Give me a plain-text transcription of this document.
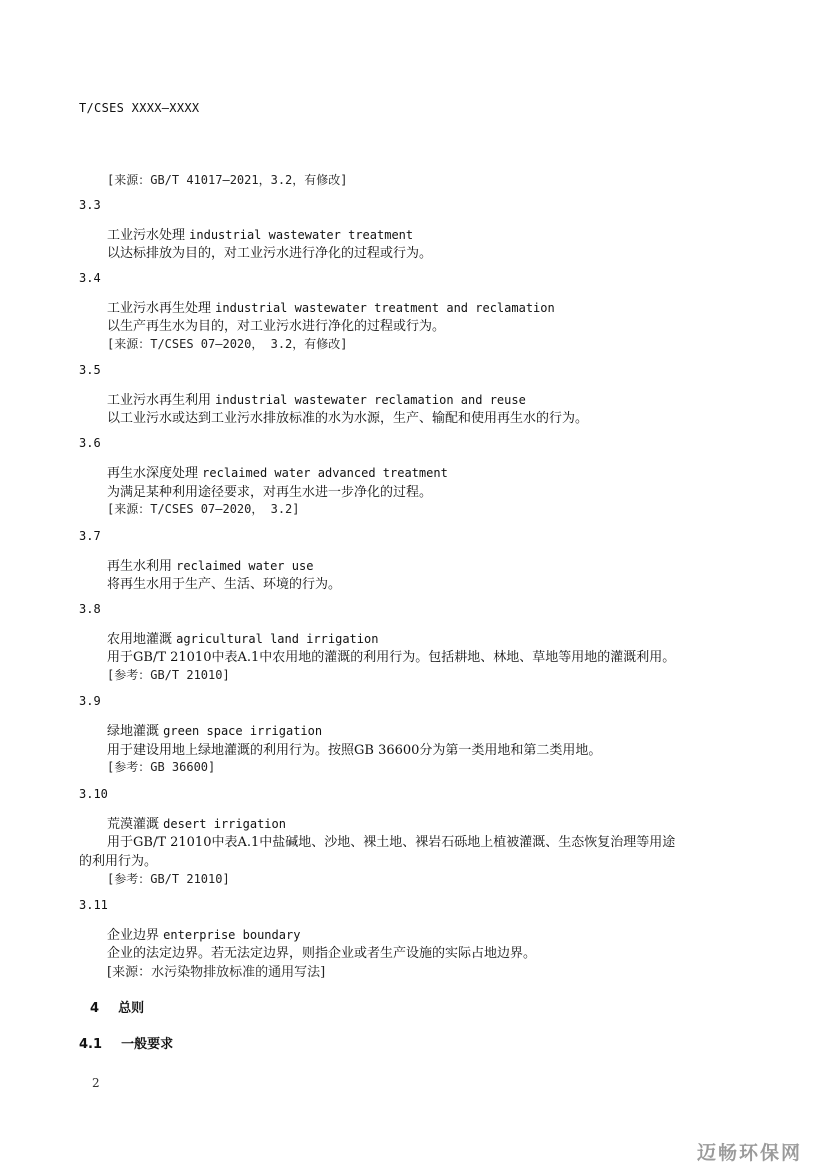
T/CSES XXXX—XXXX
[来源：GB/T 41017—2021，3.2，有修改]
3.3
工业污水处理 industrial wastewater treatment
以达标排放为目的，对工业污水进行净化的过程或行为。
3.4
工业污水再生处理 industrial wastewater treatment and reclamation
以生产再生水为目的，对工业污水进行净化的过程或行为。
[来源：T/CSES 07—2020， 3.2，有修改]
3.5
工业污水再生利用 industrial wastewater reclamation and reuse
以工业污水或达到工业污水排放标准的水为水源，生产、输配和使用再生水的行为。
3.6
再生水深度处理 reclaimed water advanced treatment
为满足某种利用途径要求，对再生水进一步净化的过程。
[来源：T/CSES 07—2020， 3.2]
3.7
再生水利用 reclaimed water use
将再生水用于生产、生活、环境的行为。
3.8
农用地灌溉 agricultural land irrigation
用于GB/T 21010中表A.1中农用地的灌溉的利用行为。包括耕地、林地、草地等用地的灌溉利用。
[参考：GB/T 21010]
3.9
绿地灌溉 green space irrigation
用于建设用地上绿地灌溉的利用行为。按照GB 36600分为第一类用地和第二类用地。
[参考：GB 36600]
3.10
荒漠灌溉 desert irrigation
用于GB/T 21010中表A.1中盐碱地、沙地、裸土地、裸岩石砾地上植被灌溉、生态恢复治理等用途
的利用行为。
[参考：GB/T 21010]
3.11
企业边界 enterprise boundary
企业的法定边界。若无法定边界，则指企业或者生产设施的实际占地边界。
[来源：水污染物排放标准的通用写法]
4 总则
4.1 一般要求
2
迈畅环保网
